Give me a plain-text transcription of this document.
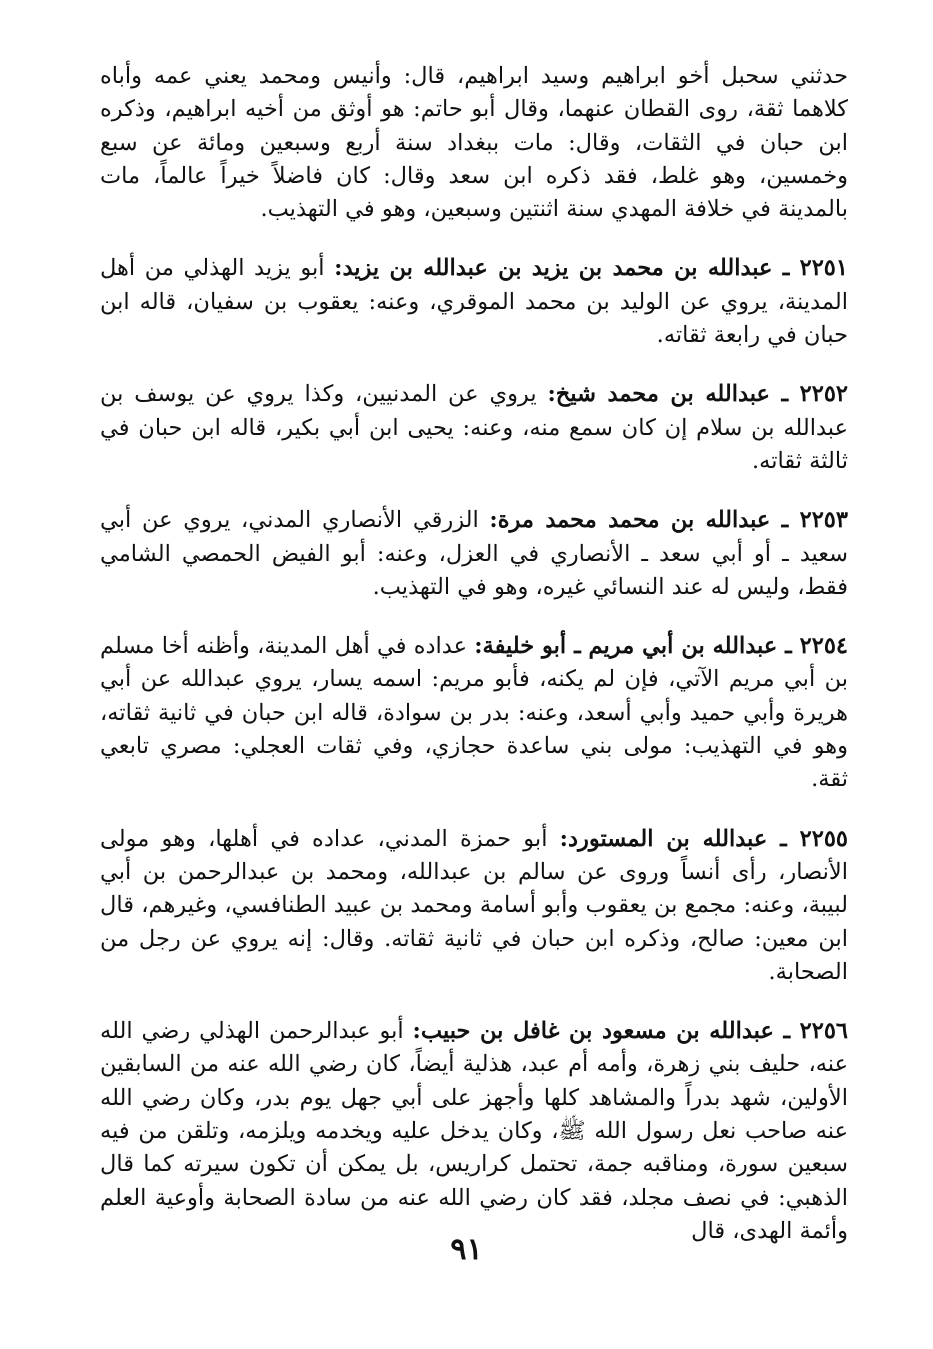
حدثني سحبل أخو ابراهيم وسيد ابراهيم، قال: وأنيس ومحمد يعني عمه وأباه كلاهما ثقة، روى القطان عنهما، وقال أبو حاتم: هو أوثق من أخيه ابراهيم، وذكره ابن حبان في الثقات، وقال: مات ببغداد سنة أربع وسبعين ومائة عن سبع وخمسين، وهو غلط، فقد ذكره ابن سعد وقال: كان فاضلاً خيراً عالماً، مات بالمدينة في خلافة المهدي سنة اثنتين وسبعين، وهو في التهذيب.

٢٢٥١ ـ عبدالله بن محمد بن يزيد بن عبدالله بن يزيد: أبو يزيد الهذلي من أهل المدينة، يروي عن الوليد بن محمد الموقري، وعنه: يعقوب بن سفيان، قاله ابن حبان في رابعة ثقاته.

٢٢٥٢ ـ عبدالله بن محمد شيخ: يروي عن المدنيين، وكذا يروي عن يوسف بن عبدالله بن سلام إن كان سمع منه، وعنه: يحيى ابن أبي بكير، قاله ابن حبان في ثالثة ثقاته.

٢٢٥٣ ـ عبدالله بن محمد محمد مرة: الزرقي الأنصاري المدني، يروي عن أبي سعيد ـ أو أبي سعد ـ الأنصاري في العزل، وعنه: أبو الفيض الحمصي الشامي فقط، وليس له عند النسائي غيره، وهو في التهذيب.

٢٢٥٤ ـ عبدالله بن أبي مريم ـ أبو خليفة: عداده في أهل المدينة، وأظنه أخا مسلم بن أبي مريم الآتي، فإن لم يكنه، فأبو مريم: اسمه يسار، يروي عبدالله عن أبي هريرة وأبي حميد وأبي أسعد، وعنه: بدر بن سوادة، قاله ابن حبان في ثانية ثقاته، وهو في التهذيب: مولى بني ساعدة حجازي، وفي ثقات العجلي: مصري تابعي ثقة.

٢٢٥٥ ـ عبدالله بن المستورد: أبو حمزة المدني، عداده في أهلها، وهو مولى الأنصار، رأى أنساً وروى عن سالم بن عبدالله، ومحمد بن عبدالرحمن بن أبي لبيبة، وعنه: مجمع بن يعقوب وأبو أسامة ومحمد بن عبيد الطنافسي، وغيرهم، قال ابن معين: صالح، وذكره ابن حبان في ثانية ثقاته. وقال: إنه يروي عن رجل من الصحابة.

٢٢٥٦ ـ عبدالله بن مسعود بن غافل بن حبيب: أبو عبدالرحمن الهذلي رضي الله عنه، حليف بني زهرة، وأمه أم عبد، هذلية أيضاً، كان رضي الله عنه من السابقين الأولين، شهد بدراً والمشاهد كلها وأجهز على أبي جهل يوم بدر، وكان رضي الله عنه صاحب نعل رسول الله ﷺ، وكان يدخل عليه ويخدمه ويلزمه، وتلقن من فيه سبعين سورة، ومناقبه جمة، تحتمل كراريس، بل يمكن أن تكون سيرته كما قال الذهبي: في نصف مجلد، فقد كان رضي الله عنه من سادة الصحابة وأوعية العلم وأئمة الهدى، قال

٩١
